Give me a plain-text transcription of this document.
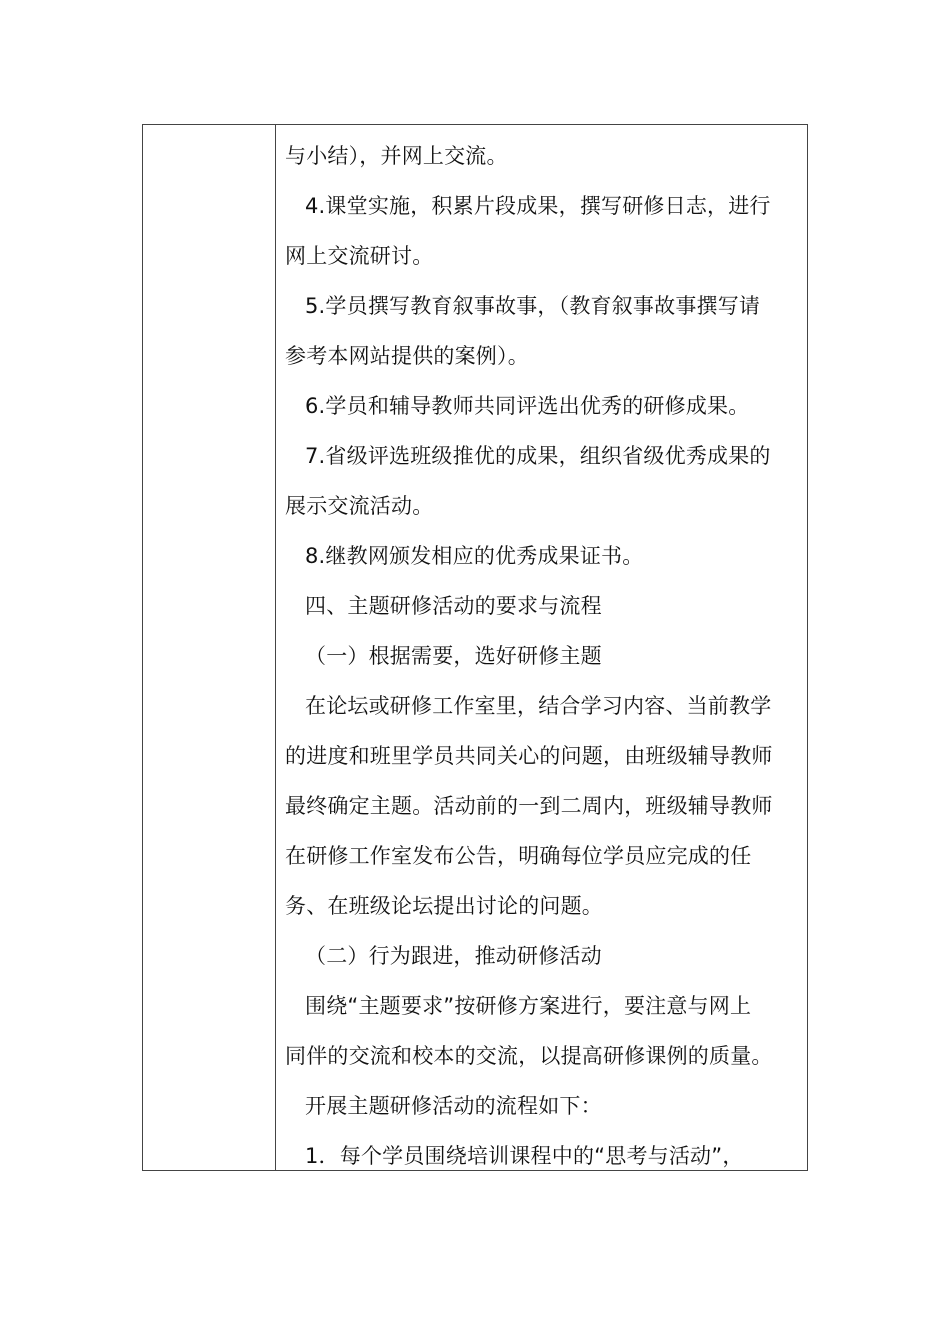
与小结），并网上交流。
4.课堂实施，积累片段成果，撰写研修日志，进行
网上交流研讨。
5.学员撰写教育叙事故事，（教育叙事故事撰写请
参考本网站提供的案例）。
6.学员和辅导教师共同评选出优秀的研修成果。
7.省级评选班级推优的成果，组织省级优秀成果的
展示交流活动。
8.继教网颁发相应的优秀成果证书。
四、主题研修活动的要求与流程
（一）根据需要，选好研修主题
在论坛或研修工作室里，结合学习内容、当前教学
的进度和班里学员共同关心的问题，由班级辅导教师
最终确定主题。活动前的一到二周内，班级辅导教师
在研修工作室发布公告，明确每位学员应完成的任
务、在班级论坛提出讨论的问题。
（二）行为跟进，推动研修活动
围绕“主题要求”按研修方案进行，要注意与网上
同伴的交流和校本的交流，以提高研修课例的质量。
开展主题研修活动的流程如下：
1．每个学员围绕培训课程中的“思考与活动”，
